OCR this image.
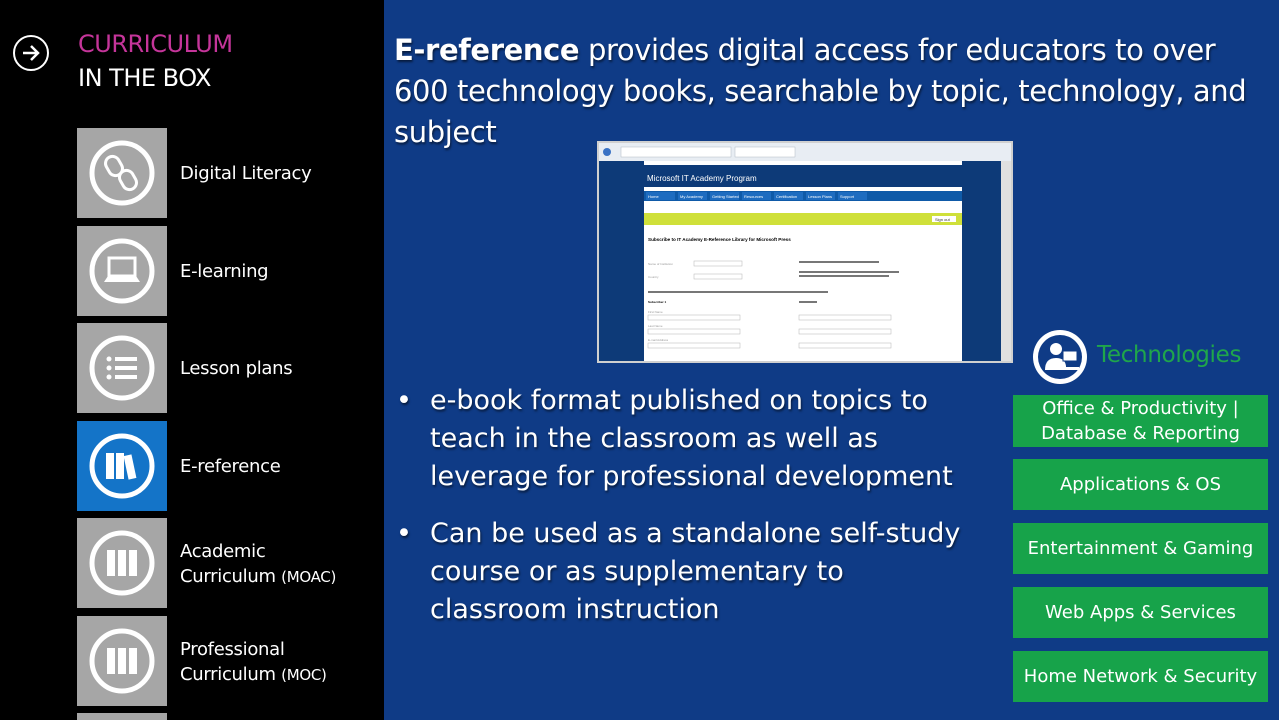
CURRICULUM
IN THE BOX
Digital Literacy
E-learning
Lesson plans
E-reference
Academic
Curriculum (MOAC)
Professional
Curriculum (MOC)
E-reference provides digital access for educators to over 600 technology books, searchable by topic, technology, and subject
Microsoft IT Academy Program
Home	My Academy Getting Started Resources	Certification	Lesson Plans Support
Sign out
Subscribe to IT Academy E-Reference Library for Microsoft Press
Name of Institution
Country
Subscriber 1
First Name
Last Name
E-mail Address
• e-book format published on topics to teach in the classroom as well as leverage for professional development
• Can be used as a standalone self-study course or as supplementary to classroom instruction
Technologies
Office & Productivity | Database & Reporting
Applications & OS
Entertainment & Gaming
Web Apps & Services
Home Network & Security
